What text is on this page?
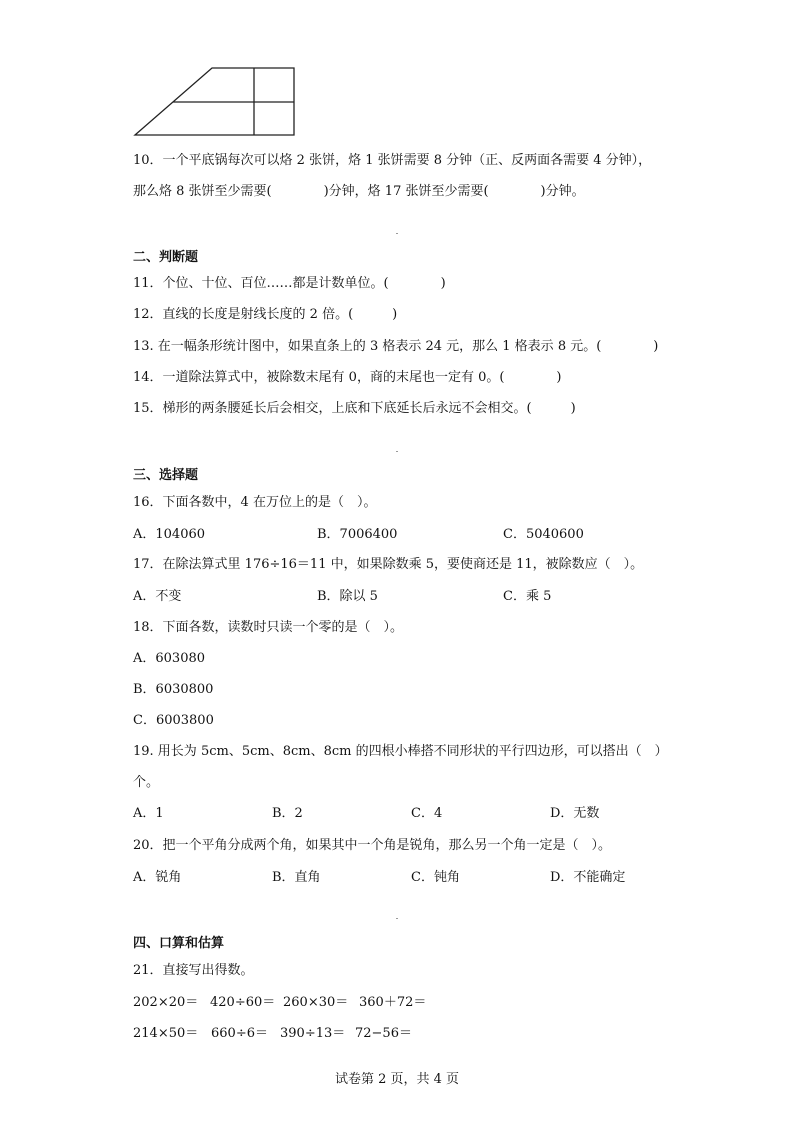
10．一个平底锅每次可以烙 2 张饼，烙 1 张饼需要 8 分钟（正、反两面各需要 4 分钟），
那么烙 8 张饼至少需要(　　　　)分钟，烙 17 张饼至少需要(　　　　)分钟。
二、判断题
11．个位、十位、百位……都是计数单位。(　　　　)
12．直线的长度是射线长度的 2 倍。(　　　)
13. 在一幅条形统计图中，如果直条上的 3 格表示 24 元，那么 1 格表示 8 元。(　　　　)
14．一道除法算式中，被除数末尾有 0，商的末尾也一定有 0。(　　　　)
15．梯形的两条腰延长后会相交，上底和下底延长后永远不会相交。(　　　)
三、选择题
16．下面各数中，4 在万位上的是（　）。
A．104060	B．7006400	C．5040600
17．在除法算式里 176÷16＝11 中，如果除数乘 5，要使商还是 11，被除数应（　）。
A．不变	B．除以 5	C．乘 5
18．下面各数，读数时只读一个零的是（　）。
A．603080
B．6030800
C．6003800
19. 用长为 5cm、5cm、8cm、8cm 的四根小棒搭不同形状的平行四边形，可以搭出（　）
个。
A．1	B．2	C．4	D．无数
20．把一个平角分成两个角，如果其中一个角是锐角，那么另一个角一定是（　）。
A．锐角	B．直角	C．钝角	D．不能确定
四、口算和估算
21．直接写出得数。
202×20＝ 420÷60＝ 260×30＝ 360＋72＝
214×50＝ 660÷6＝ 390÷13＝ 72−56＝
试卷第 2 页，共 4 页
